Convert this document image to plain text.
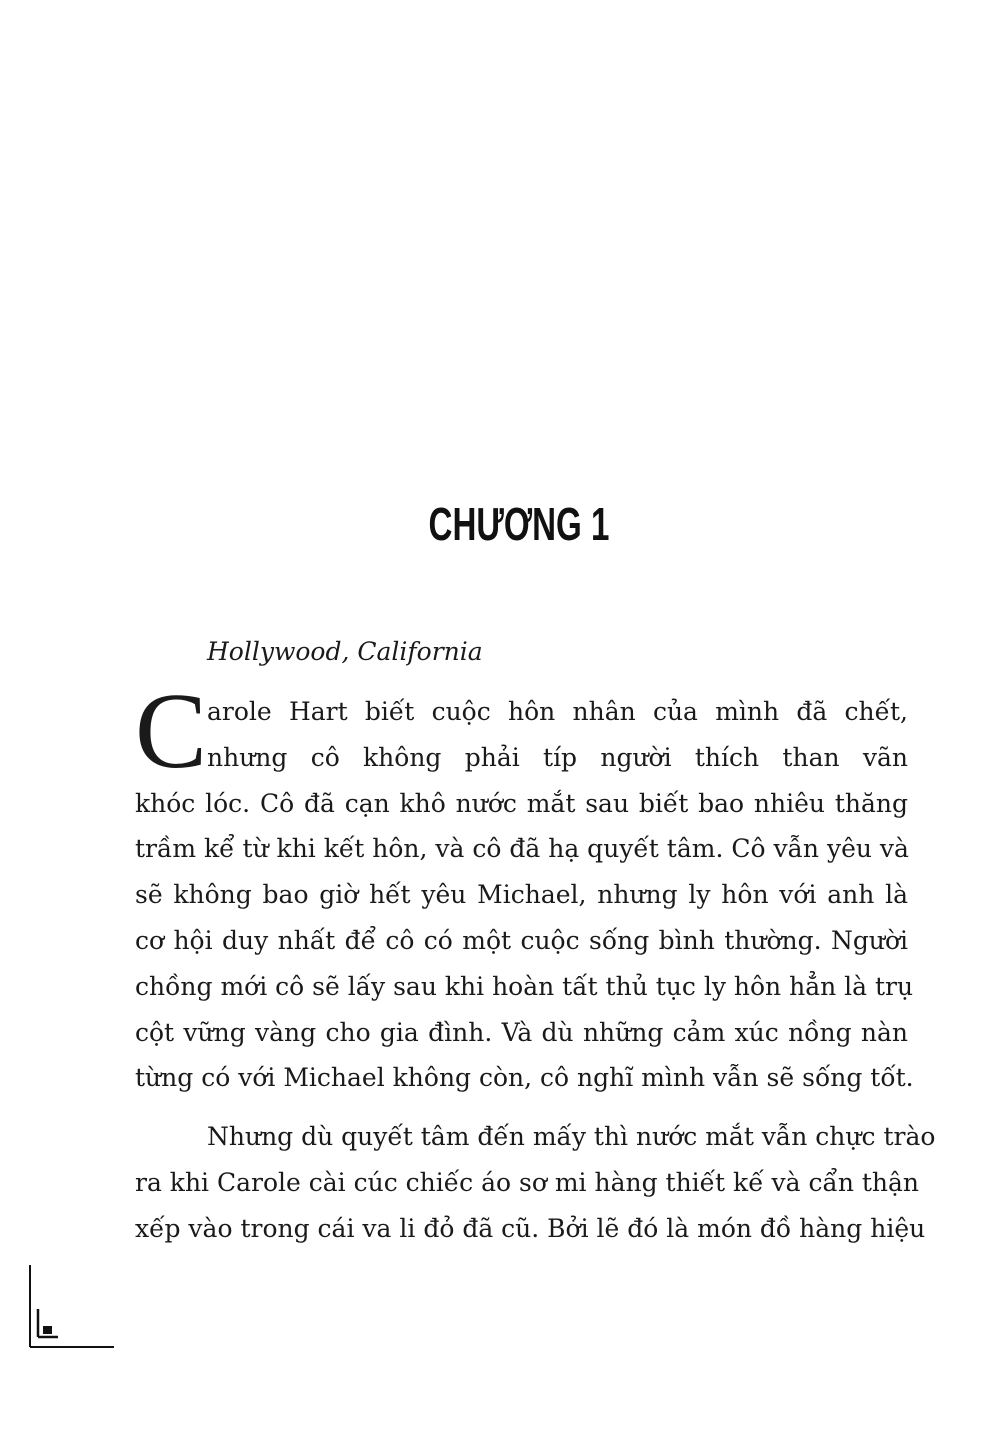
CHƯƠNG 1

Hollywood, California

C arole Hart biết cuộc hôn nhân của mình đã chết,
nhưng cô không phải típ người thích than vãn
khóc lóc. Cô đã cạn khô nước mắt sau biết bao nhiêu thăng
trầm kể từ khi kết hôn, và cô đã hạ quyết tâm. Cô vẫn yêu và
sẽ không bao giờ hết yêu Michael, nhưng ly hôn với anh là
cơ hội duy nhất để cô có một cuộc sống bình thường. Người
chồng mới cô sẽ lấy sau khi hoàn tất thủ tục ly hôn hẳn là trụ
cột vững vàng cho gia đình. Và dù những cảm xúc nồng nàn
từng có với Michael không còn, cô nghĩ mình vẫn sẽ sống tốt.
Nhưng dù quyết tâm đến mấy thì nước mắt vẫn chực trào
ra khi Carole cài cúc chiếc áo sơ mi hàng thiết kế và cẩn thận
xếp vào trong cái va li đỏ đã cũ. Bởi lẽ đó là món đồ hàng hiệu
